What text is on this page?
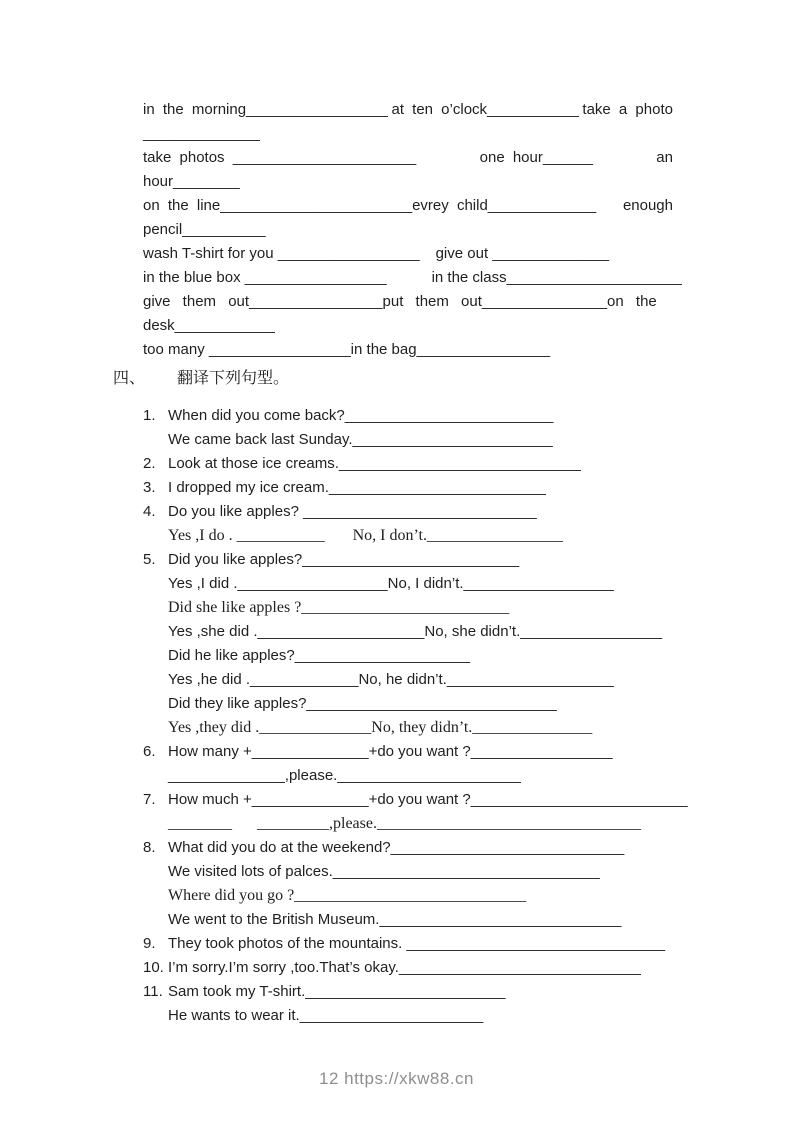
in the morning_________________ at ten o’clock___________ take a photo
______________
take photos ______________________	one hour______	an
hour________
on the line_______________________evrey child_____________ enough
pencil__________
wash T-shirt for you _________________ give out ______________
in the blue box _________________	in the class_____________________
give them out________________put them out_______________on the
desk____________
too many _________________in the bag________________
四、 翻译下列句型。
1. When did you come back?_________________________
We came back last Sunday.________________________
2. Look at those ice creams._____________________________
3. I dropped my ice cream.__________________________
4. Do you like apples? ____________________________
Yes ,I do . ___________ No, I don’t._________________
5. Did you like apples?__________________________
Yes ,I did .__________________No, I didn’t.__________________
Did she like apples ?__________________________
Yes ,she did .____________________No, she didn’t._________________
Did he like apples?_____________________
Yes ,he did ._____________No, he didn’t.____________________
Did they like apples?______________________________
Yes ,they did .______________No, they didn’t._______________
6. How many +______________+do you want ?_________________
______________,please.______________________
7. How much +______________+do you want ?__________________________
________ _________,please._________________________________
8. What did you do at the weekend?____________________________
We visited lots of palces.________________________________
Where did you go ?_____________________________
We went to the British Museum._____________________________
9. They took photos of the mountains. _______________________________
10. I’m sorry.I’m sorry ,too.That’s okay._____________________________
11. Sam took my T-shirt.________________________
He wants to wear it.______________________
12 https://xkw88.cn
